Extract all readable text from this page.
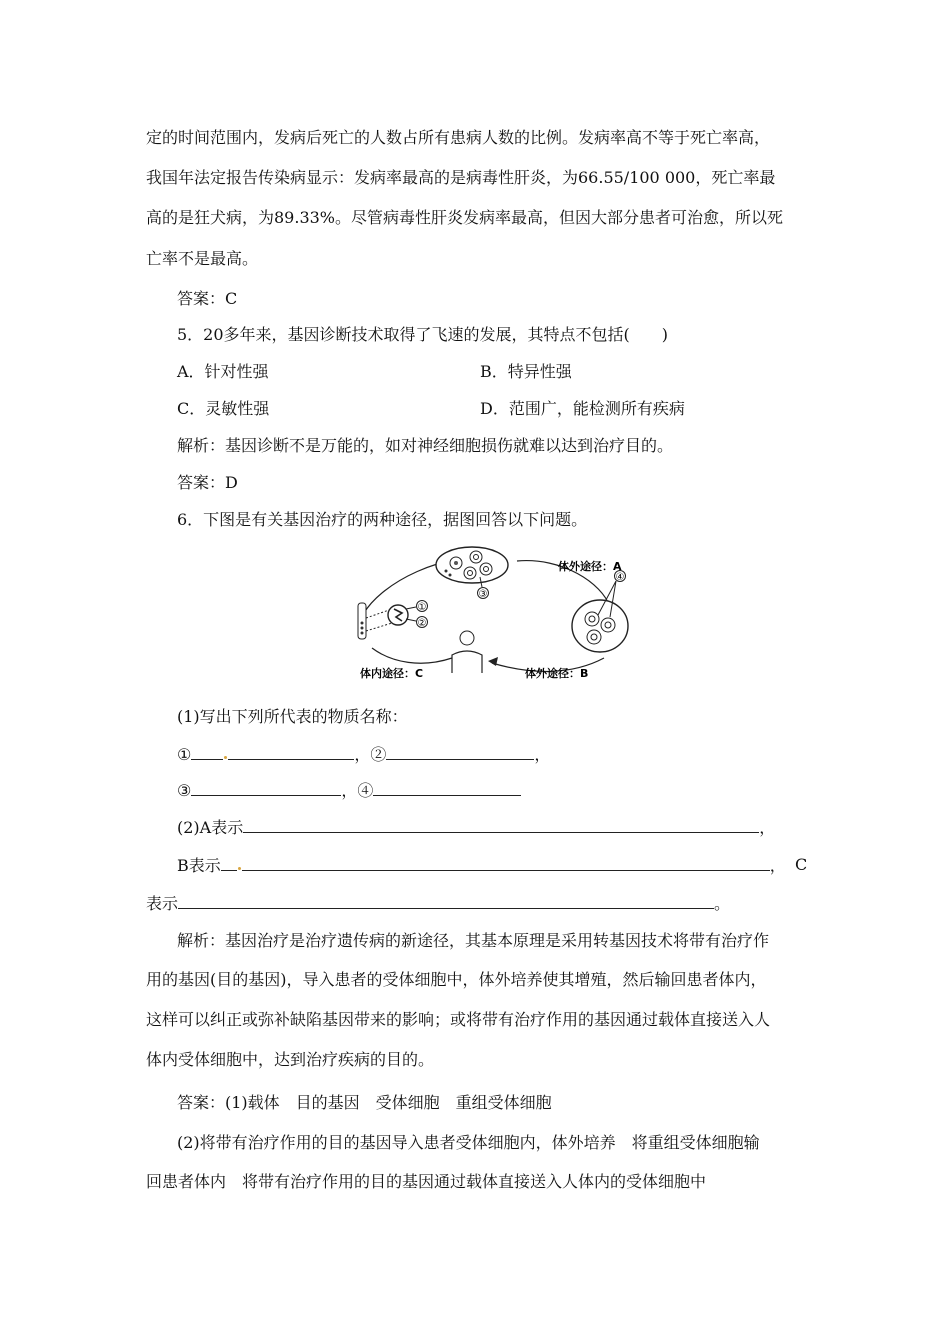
定的时间范围内，发病后死亡的人数占所有患病人数的比例。发病率高不等于死亡率高，
我国年法定报告传染病显示：发病率最高的是病毒性肝炎，为66.55/100 000，死亡率最
高的是狂犬病，为89.33%。尽管病毒性肝炎发病率最高，但因大部分患者可治愈，所以死
亡率不是最高。
答案：C
5．20多年来，基因诊断技术取得了飞速的发展，其特点不包括(　　)
A．针对性强	B．特异性强
C．灵敏性强	D．范围广，能检测所有疾病
解析：基因诊断不是万能的，如对神经细胞损伤就难以达到治疗目的。
答案：D
6．下图是有关基因治疗的两种途径，据图回答以下问题。
③
④
①
②
体外途径：A
体外途径：B
体内途径：C
(1)写出下列所代表的物质名称：
①	，②	，
③	，④
(2)A表示	，
B表示	， C
表示	。
解析：基因治疗是治疗遗传病的新途径，其基本原理是采用转基因技术将带有治疗作
用的基因(目的基因)，导入患者的受体细胞中，体外培养使其增殖，然后输回患者体内，
这样可以纠正或弥补缺陷基因带来的影响；或将带有治疗作用的基因通过载体直接送入人
体内受体细胞中，达到治疗疾病的目的。
答案：(1)载体　目的基因　受体细胞　重组受体细胞
(2)将带有治疗作用的目的基因导入患者受体细胞内，体外培养　将重组受体细胞输
回患者体内　将带有治疗作用的目的基因通过载体直接送入人体内的受体细胞中
